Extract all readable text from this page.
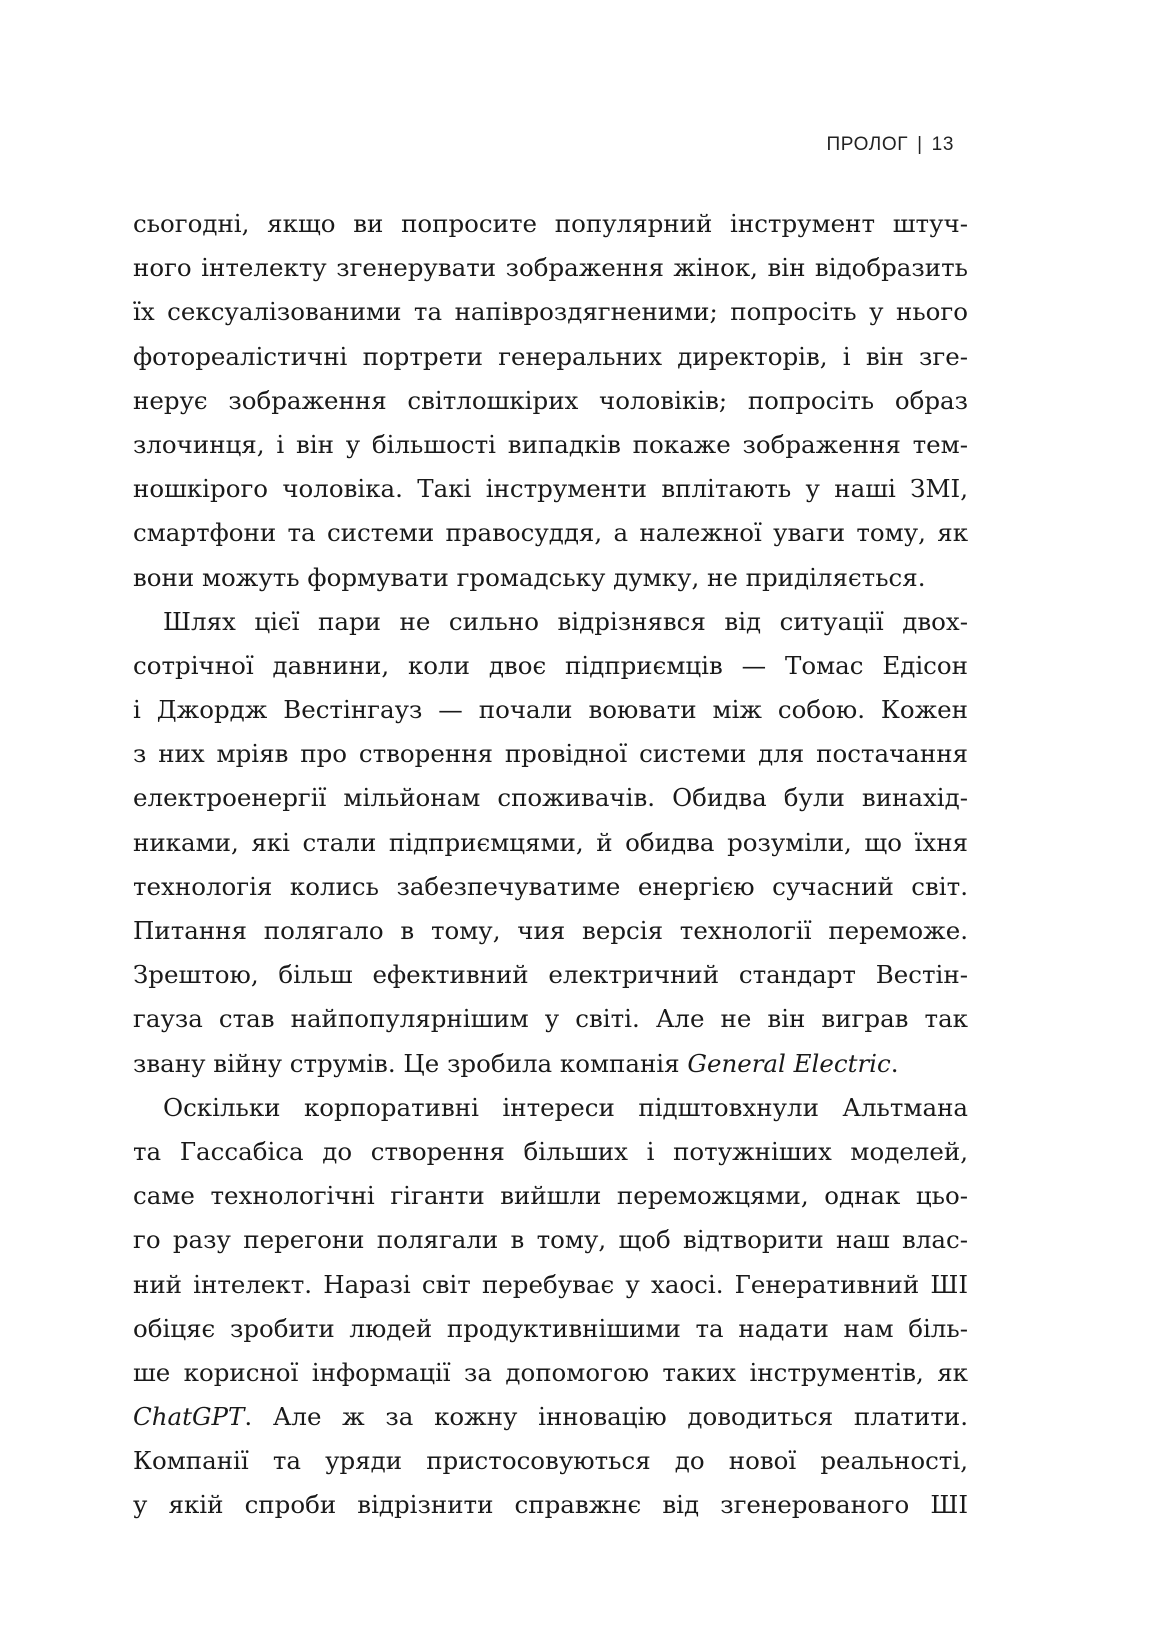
ПРОЛОГ | 13
сьогодні, якщо ви попросите популярний інструмент штуч-
ного інтелекту згенерувати зображення жінок, він відобразить
їх сексуалізованими та напівроздягненими; попросіть у нього
фотореалістичні портрети генеральних директорів, і він зге-
нерує зображення світлошкірих чоловіків; попросіть образ
злочинця, і він у більшості випадків покаже зображення тем-
ношкірого чоловіка. Такі інструменти вплітають у наші ЗМІ,
смартфони та системи правосуддя, а належної уваги тому, як
вони можуть формувати громадську думку, не приділяється.
Шлях цієї пари не сильно відрізнявся від ситуації двох-
сотрічної давнини, коли двоє підприємців — Томас Едісон
і Джордж Вестінгауз — почали воювати між собою. Кожен
з них мріяв про створення провідної системи для постачання
електроенергії мільйонам споживачів. Обидва були винахід-
никами, які стали підприємцями, й обидва розуміли, що їхня
технологія колись забезпечуватиме енергією сучасний світ.
Питання полягало в тому, чия версія технології переможе.
Зрештою, більш ефективний електричний стандарт Вестін-
гауза став найпопулярнішим у світі. Але не він виграв так
звану війну струмів. Це зробила компанія General Electric.
Оскільки корпоративні інтереси підштовхнули Альтмана
та Гассабіса до створення більших і потужніших моделей,
саме технологічні гіганти вийшли переможцями, однак цьо-
го разу перегони полягали в тому, щоб відтворити наш влас-
ний інтелект. Наразі світ перебуває у хаосі. Генеративний ШІ
обіцяє зробити людей продуктивнішими та надати нам біль-
ше корисної інформації за допомогою таких інструментів, як
ChatGPT. Але ж за кожну інновацію доводиться платити.
Компанії та уряди пристосовуються до нової реальності,
у якій спроби відрізнити справжнє від згенерованого ШІ
